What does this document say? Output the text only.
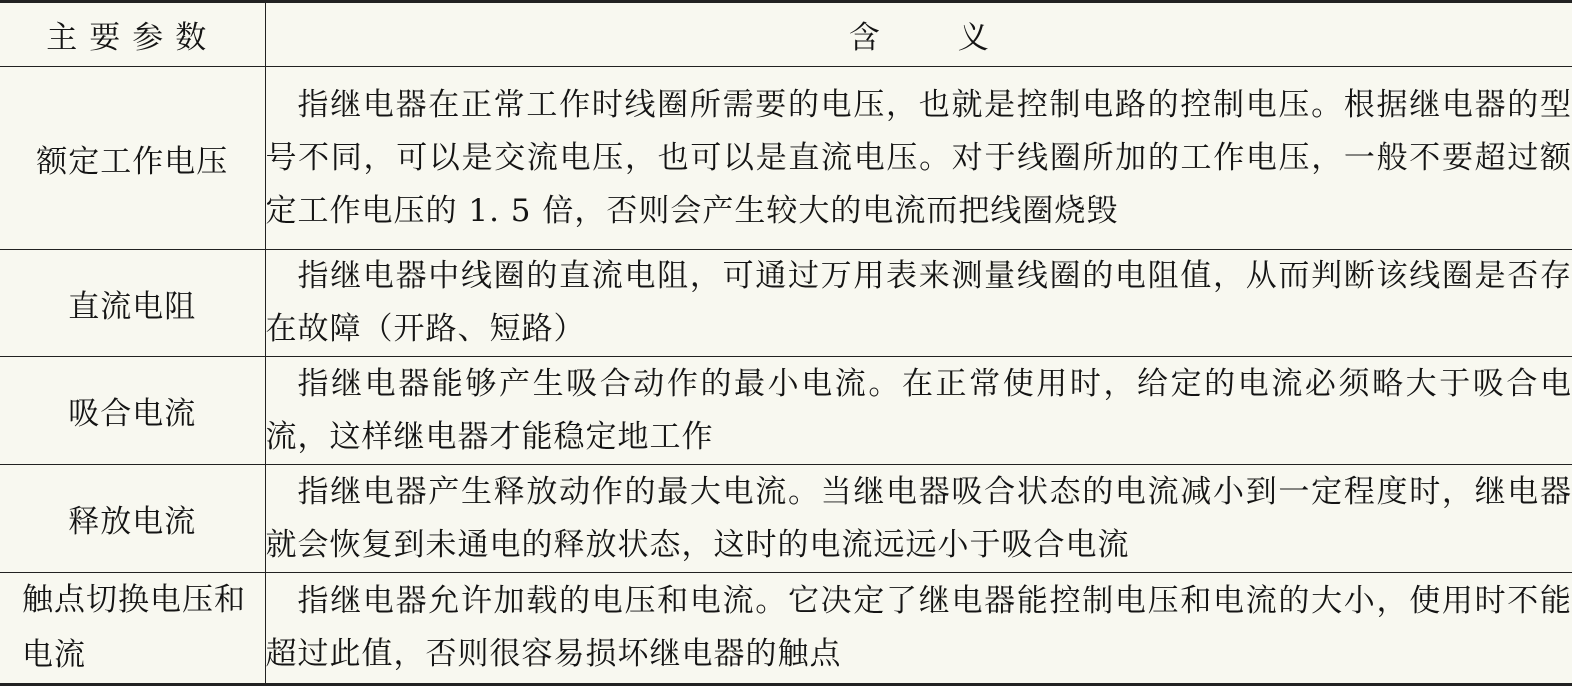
主要参数	含义
额定工作电压	指继电器在正常工作时线圈所需要的电压，也就是控制电路的控制电压。根据继电器的型号不同，可以是交流电压，也可以是直流电压。对于线圈所加的工作电压，一般不要超过额定工作电压的 1. 5 倍，否则会产生较大的电流而把线圈烧毁
直流电阻	指继电器中线圈的直流电阻，可通过万用表来测量线圈的电阻值，从而判断该线圈是否存在故障（开路、短路）
吸合电流	指继电器能够产生吸合动作的最小电流。在正常使用时，给定的电流必须略大于吸合电流，这样继电器才能稳定地工作
释放电流	指继电器产生释放动作的最大电流。当继电器吸合状态的电流减小到一定程度时，继电器就会恢复到未通电的释放状态，这时的电流远远小于吸合电流
触点切换电压和电流	指继电器允许加载的电压和电流。它决定了继电器能控制电压和电流的大小，使用时不能超过此值，否则很容易损坏继电器的触点
